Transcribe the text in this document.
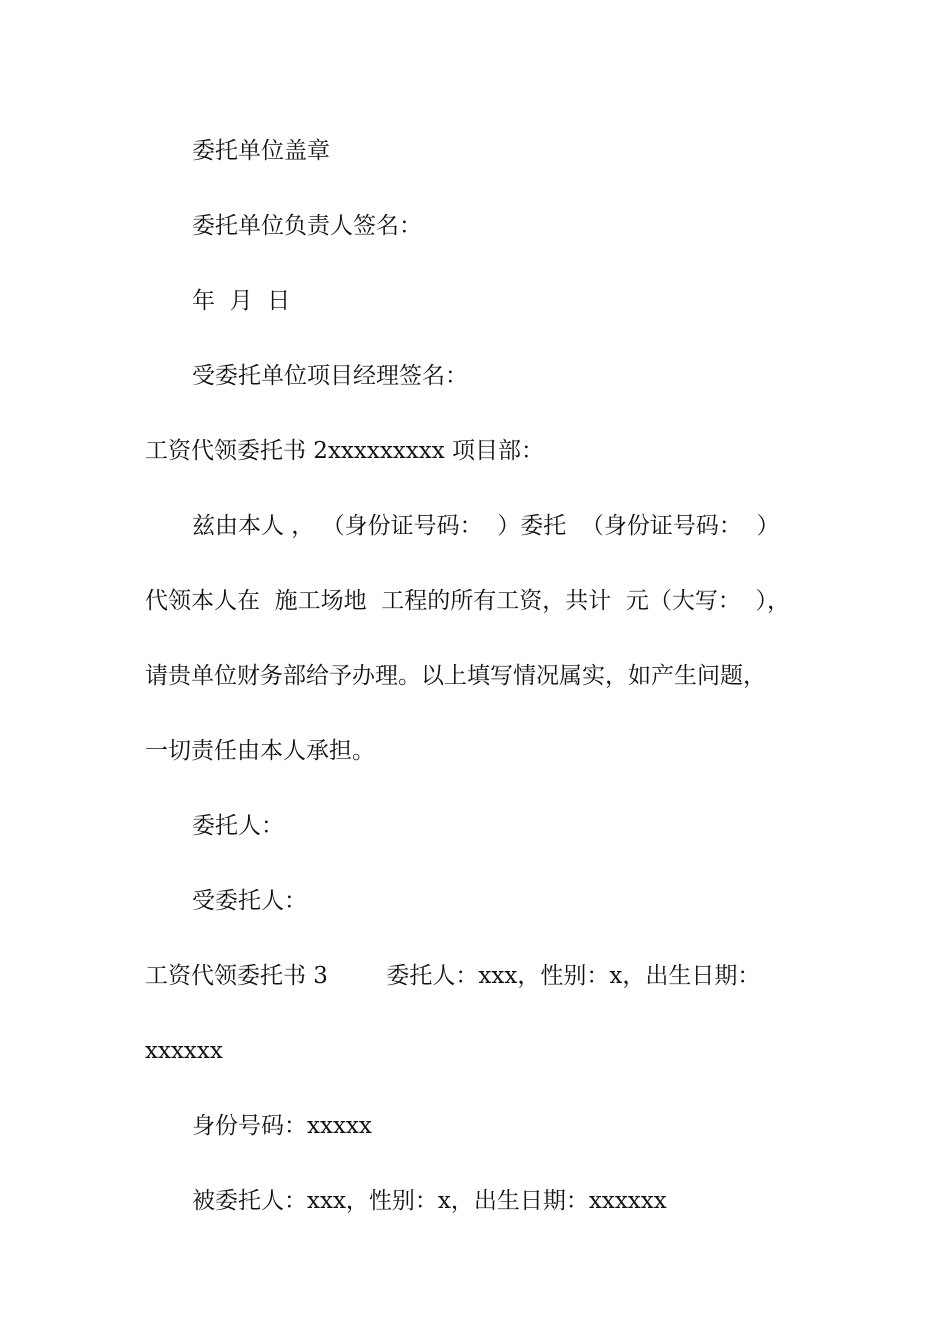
委托单位盖章
委托单位负责人签名：
年  月  日
受委托单位项目经理签名：
工资代领委托书 2xxxxxxxxx 项目部：
兹由本人 ， （身份证号码：  ）委托  （身份证号码：  ）
代领本人在  施工场地  工程的所有工资，共计  元（大写：  ），
请贵单位财务部给予办理。以上填写情况属实，如产生问题，
一切责任由本人承担。
委托人：
受委托人：
工资代领委托书 3        委托人：xxx，性别：x，出生日期：
xxxxxx
身份号码：xxxxx
被委托人：xxx，性别：x，出生日期：xxxxxx
